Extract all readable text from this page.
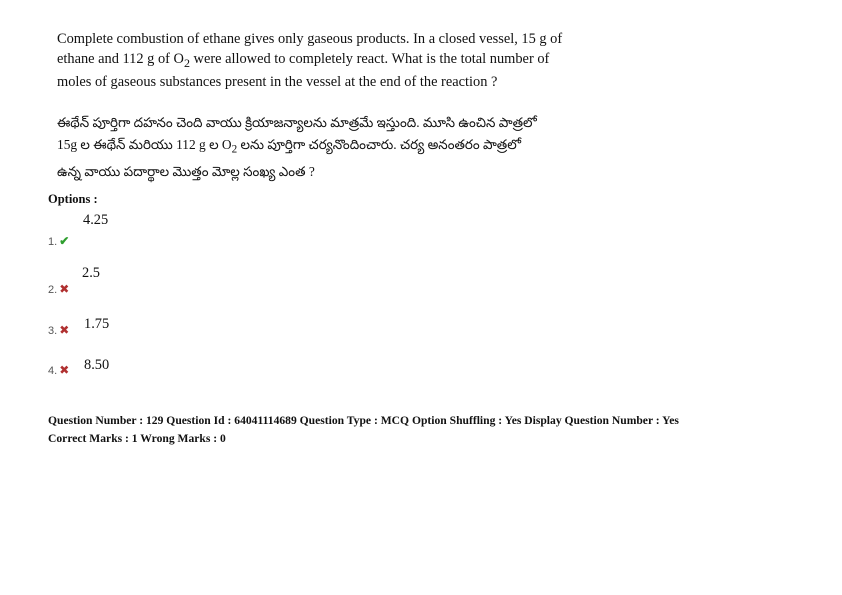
Complete combustion of ethane gives only gaseous products. In a closed vessel, 15 g of ethane and 112 g of $O_2$ were allowed to completely react. What is the total number of moles of gaseous substances present in the vessel at the end of the reaction ?

ఈథేన్ పూర్తిగా దహనం చెంది వాయు క్రియాజన్యాలను మాత్రమే ఇస్తుంది. మూసి ఉంచిన పాత్రలో
15g ల ఈథేన్ మరియు 112 g ల $O_2$ లను పూర్తిగా చర్యనొందించారు. చర్య అనంతరం పాత్రలో
ఉన్న వాయు పదార్థాల మొత్తం మోల్ల సంఖ్య ఎంత ?

Options :
4.25
1. ✔
2.5
2. ✖
3. ✖ 1.75
4. ✖ 8.50
Question Number : 129 Question Id : 64041114689 Question Type : MCQ Option Shuffling : Yes Display Question Number : Yes
Correct Marks : 1 Wrong Marks : 0
